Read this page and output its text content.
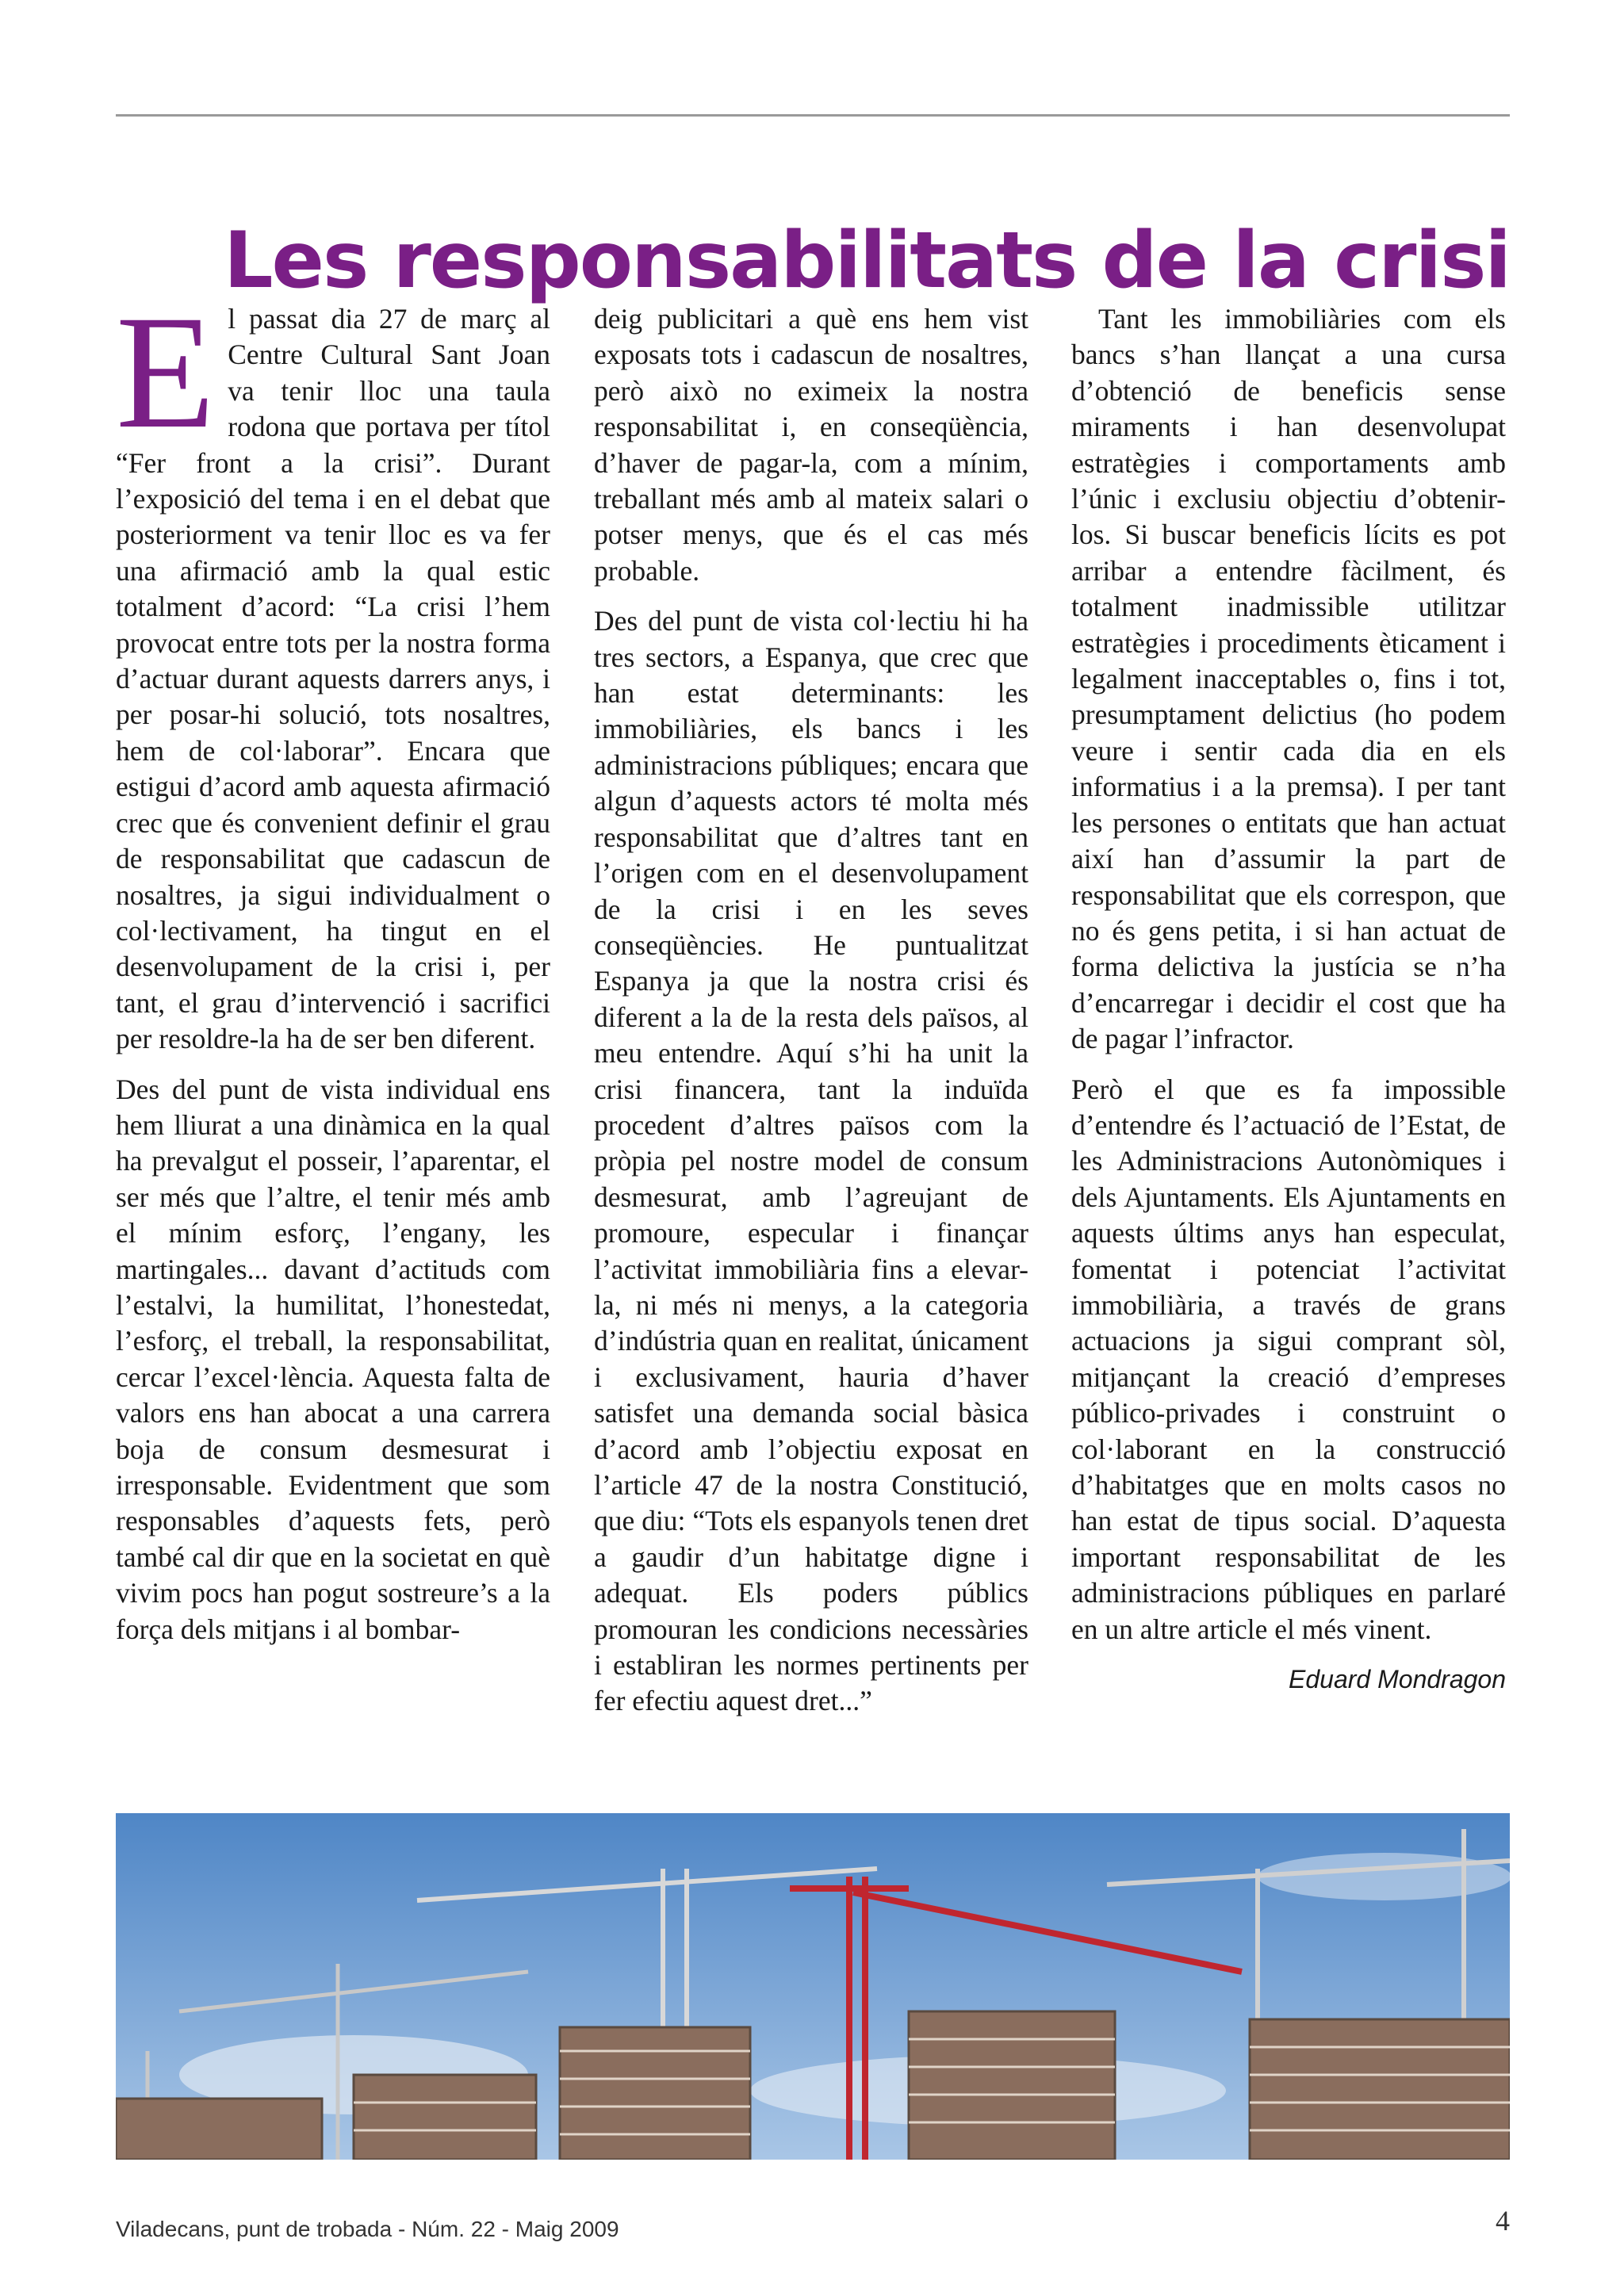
Les responsabilitats de la crisi

El passat dia 27 de març al Centre Cultural Sant Joan va tenir lloc una taula rodona que portava per títol “Fer front a la crisi”. Durant l’exposició del tema i en el debat que posteriorment va tenir lloc es va fer una afirmació amb la qual estic totalment d’acord: “La crisi l’hem provocat entre tots per la nostra forma d’actuar durant aquests darrers anys, i per posar-hi solució, tots nosaltres, hem de col·laborar”. Encara que estigui d’acord amb aquesta afirmació crec que és convenient definir el grau de responsabilitat que cadascun de nosaltres, ja sigui individualment o col·lectivament, ha tingut en el desenvolupament de la crisi i, per tant, el grau d’intervenció i sacrifici per resoldre-la ha de ser ben diferent.

Des del punt de vista individual ens hem lliurat a una dinàmica en la qual ha prevalgut el posseir, l’aparentar, el ser més que l’altre, el tenir més amb el mínim esforç, l’engany, les martingales... davant d’actituds com l’estalvi, la humilitat, l’honestedat, l’esforç, el treball, la responsabilitat, cercar l’excel·lència. Aquesta falta de valors ens han abocat a una carrera boja de consum desmesurat i irresponsable. Evidentment que som responsables d’aquests fets, però també cal dir que en la societat en què vivim pocs han pogut sostreure’s a la força dels mitjans i al bombar-

deig publicitari a què ens hem vist exposats tots i cadascun de nosaltres, però això no eximeix la nostra responsabilitat i, en conseqüència, d’haver de pagar-la, com a mínim, treballant més amb al mateix salari o potser menys, que és el cas més probable.

Des del punt de vista col·lectiu hi ha tres sectors, a Espanya, que crec que han estat determinants: les immobiliàries, els bancs i les administracions públiques; encara que algun d’aquests actors té molta més responsabilitat que d’altres tant en l’origen com en el desenvolupament de la crisi i en les seves conseqüències. He puntualitzat Espanya ja que la nostra crisi és diferent a la de la resta dels països, al meu entendre. Aquí s’hi ha unit la crisi financera, tant la induïda procedent d’altres països com la pròpia pel nostre model de consum desmesurat, amb l’agreujant de promoure, especular i finançar l’activitat immobiliària fins a elevar-la, ni més ni menys, a la categoria d’indústria quan en realitat, únicament i exclusivament, hauria d’haver satisfet una demanda social bàsica d’acord amb l’objectiu exposat en l’article 47 de la nostra Constitució, que diu: “Tots els espanyols tenen dret a gaudir d’un habitatge digne i adequat. Els poders públics promouran les condicions necessàries i establiran les normes pertinents per fer efectiu aquest dret...”

Tant les immobiliàries com els bancs s’han llançat a una cursa d’obtenció de beneficis sense miraments i han desenvolupat estratègies i comportaments amb l’únic i exclusiu objectiu d’obtenir-los. Si buscar beneficis lícits es pot arribar a entendre fàcilment, és totalment inadmissible utilitzar estratègies i procediments èticament i legalment inacceptables o, fins i tot, presumptament delictius (ho podem veure i sentir cada dia en els informatius i a la premsa). I per tant les persones o entitats que han actuat així han d’assumir la part de responsabilitat que els correspon, que no és gens petita, i si han actuat de forma delictiva la justícia se n’ha d’encarregar i decidir el cost que ha de pagar l’infractor.

Però el que es fa impossible d’entendre és l’actuació de l’Estat, de les Administracions Autonòmiques i dels Ajuntaments. Els Ajuntaments en aquests últims anys han especulat, fomentat i potenciat l’activitat immobiliària, a través de grans actuacions ja sigui comprant sòl, mitjançant la creació d’empreses público-privades i construint o col·laborant en la construcció d’habitatges que en molts casos no han estat de tipus social. D’aquesta important responsabilitat de les administracions públiques en parlaré en un altre article el més vinent.

Eduard Mondragon
Viladecans, punt de trobada - Núm. 22 - Maig 2009	4
